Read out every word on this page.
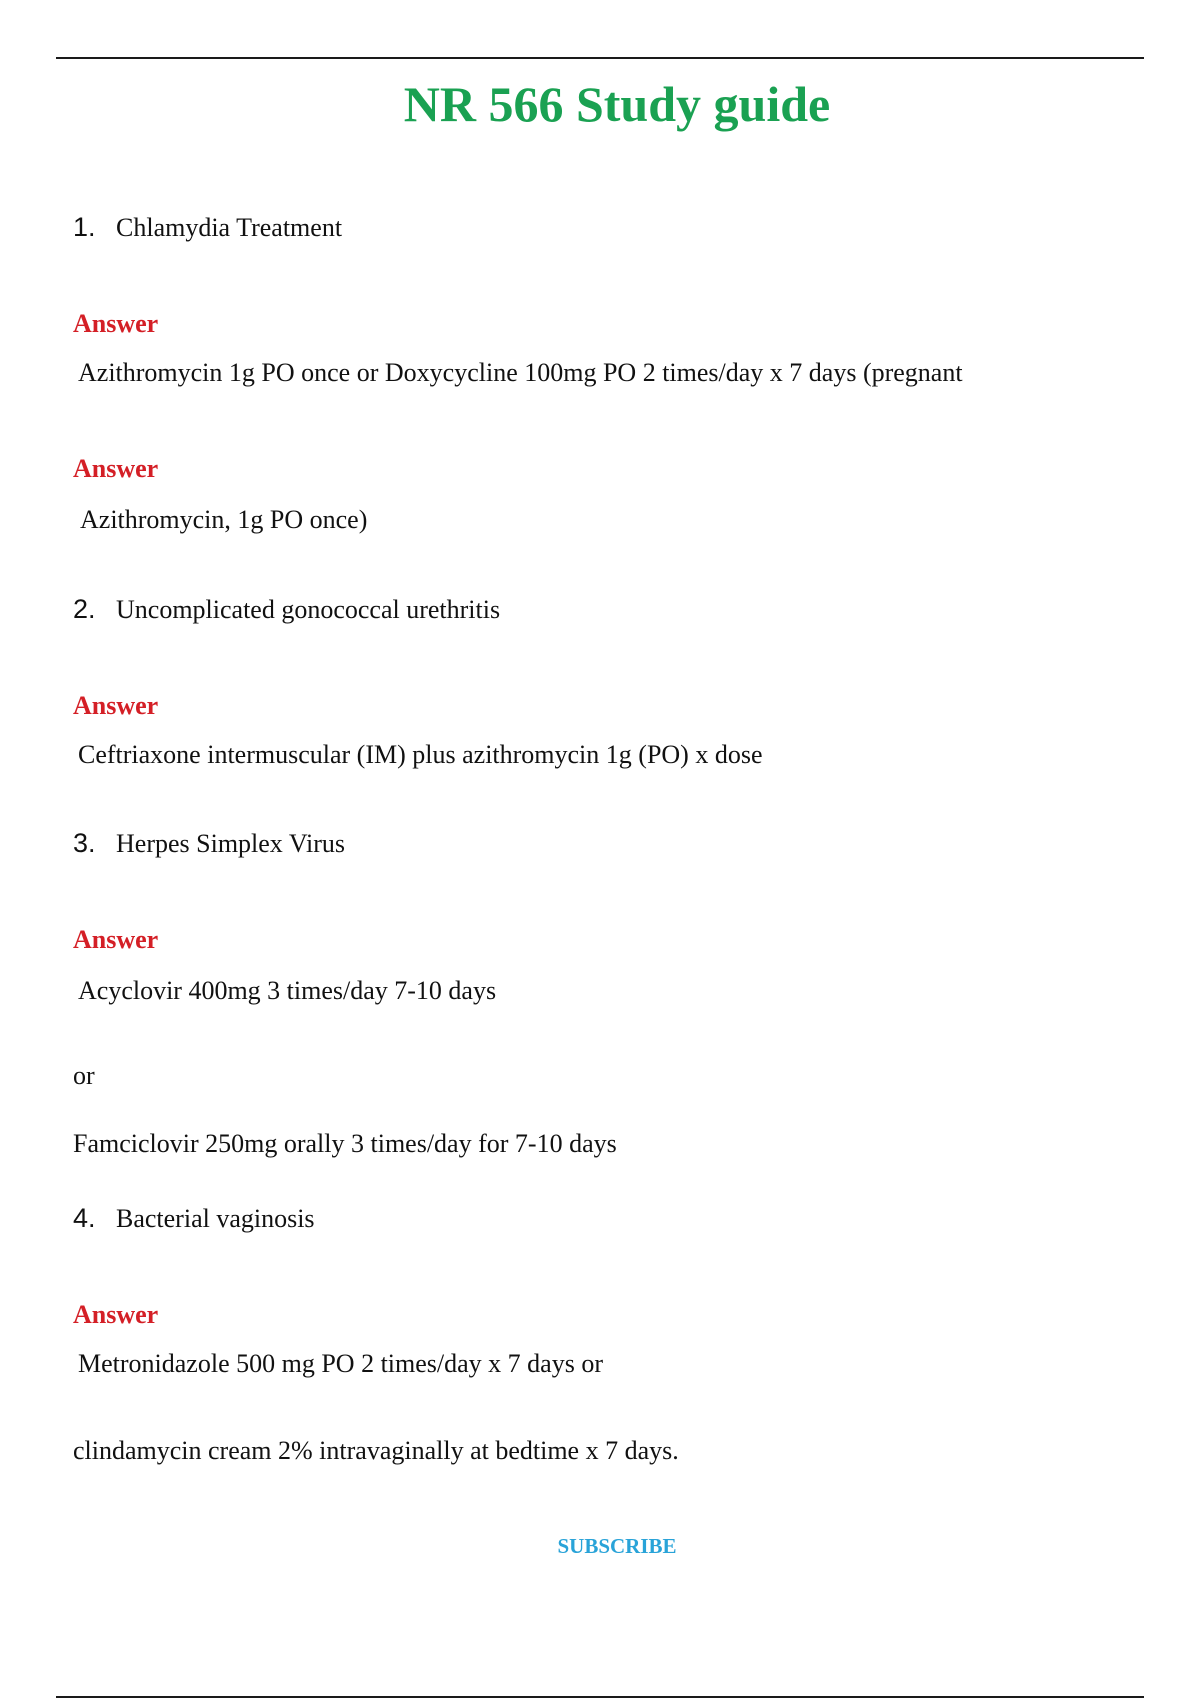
NR 566 Study guide
1. Chlamydia Treatment
Answer
Azithromycin 1g PO once or Doxycycline 100mg PO 2 times/day x 7 days (pregnant
Answer
Azithromycin, 1g PO once)
2. Uncomplicated gonococcal urethritis
Answer
Ceftriaxone intermuscular (IM) plus azithromycin 1g (PO) x dose
3. Herpes Simplex Virus
Answer
Acyclovir 400mg 3 times/day 7-10 days
or
Famciclovir 250mg orally 3 times/day for 7-10 days
4. Bacterial vaginosis
Answer
Metronidazole 500 mg PO 2 times/day x 7 days or
clindamycin cream 2% intravaginally at bedtime x 7 days.
SUBSCRIBE
